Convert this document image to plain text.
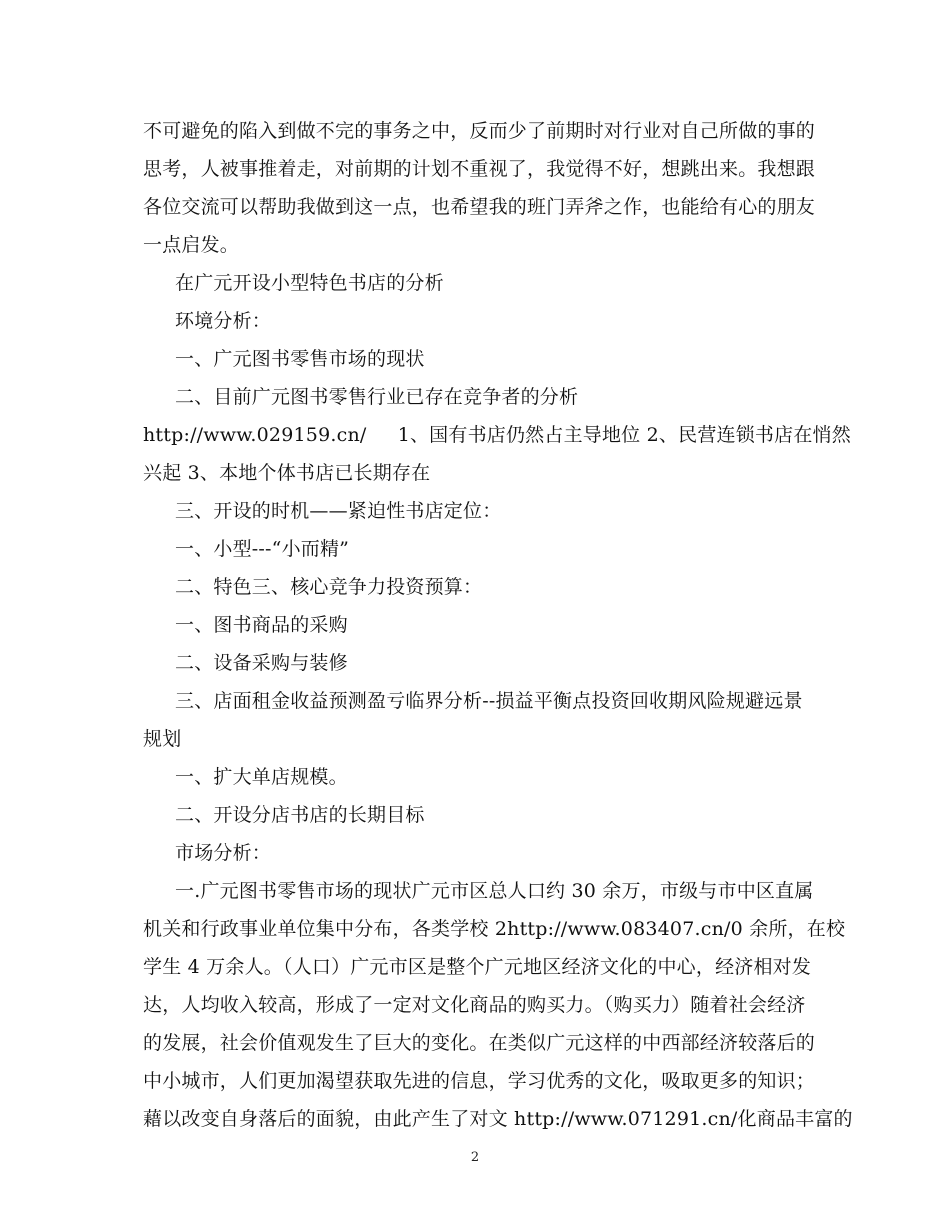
不可避免的陷入到做不完的事务之中，反而少了前期时对行业对自己所做的事的
思考，人被事推着走，对前期的计划不重视了，我觉得不好，想跳出来。我想跟
各位交流可以帮助我做到这一点，也希望我的班门弄斧之作，也能给有心的朋友
一点启发。
在广元开设小型特色书店的分析
环境分析：
一、广元图书零售市场的现状
二、目前广元图书零售行业已存在竞争者的分析
http://www.029159.cn/     1、国有书店仍然占主导地位 2、民营连锁书店在悄然
兴起 3、本地个体书店已长期存在
三、开设的时机——紧迫性书店定位：
一、小型---“小而精”
二、特色三、核心竞争力投资预算：
一、图书商品的采购
二、设备采购与装修
三、店面租金收益预测盈亏临界分析--损益平衡点投资回收期风险规避远景
规划
一、扩大单店规模。
二、开设分店书店的长期目标
市场分析：
一.广元图书零售市场的现状广元市区总人口约 30 余万，市级与市中区直属
机关和行政事业单位集中分布，各类学校 2http://www.083407.cn/0 余所，在校
学生 4 万余人。（人口）广元市区是整个广元地区经济文化的中心，经济相对发
达，人均收入较高，形成了一定对文化商品的购买力。（购买力）随着社会经济
的发展，社会价值观发生了巨大的变化。在类似广元这样的中西部经济较落后的
中小城市，人们更加渴望获取先进的信息，学习优秀的文化，吸取更多的知识；
藉以改变自身落后的面貌，由此产生了对文 http://www.071291.cn/化商品丰富的
2
